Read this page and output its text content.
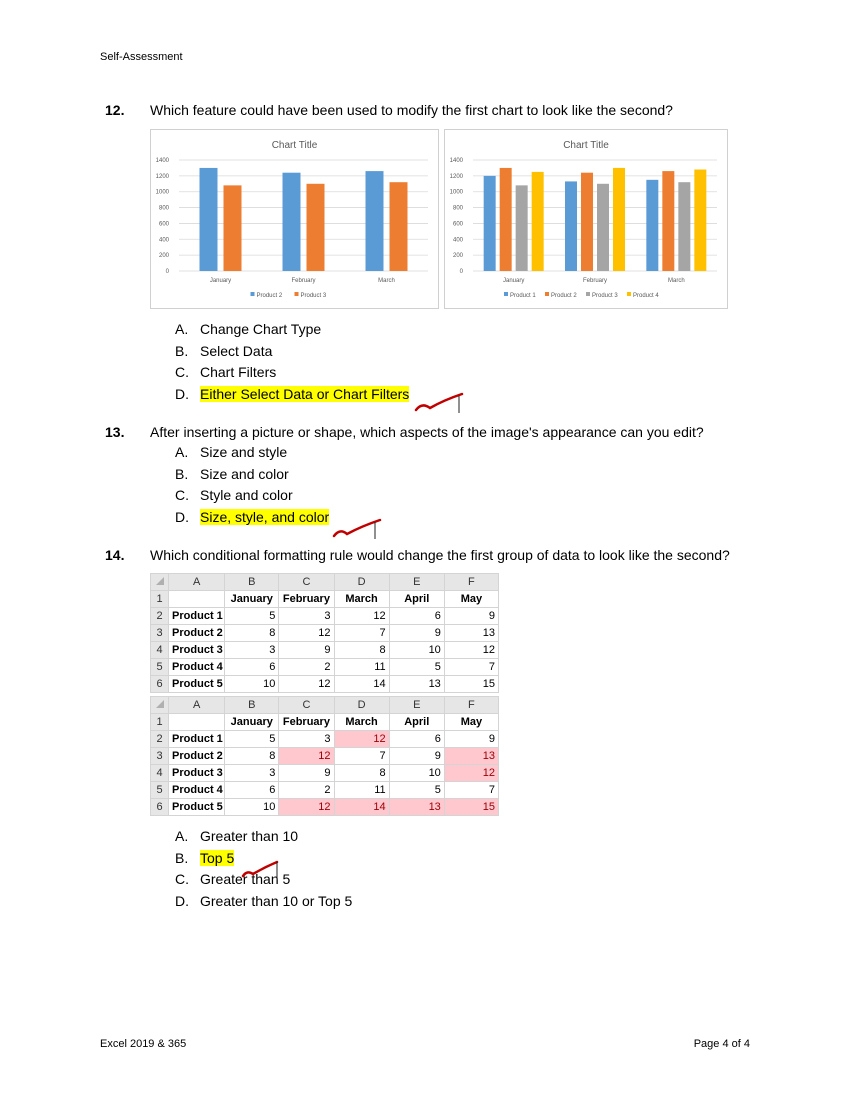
Self-Assessment
12. Which feature could have been used to modify the first chart to look like the second?
Chart Title
0
200
400
600
800
1000
1200
1400
January	February	March
Product 2	Product 3
Chart Title
0
200
400
600
800
1000
1200
1400
January	February	March
Product 1	Product 2	Product 3	Product 4
A. Change Chart Type
B. Select Data
C. Chart Filters
D. Either Select Data or Chart Filters
13. After inserting a picture or shape, which aspects of the image's appearance can you edit?
A. Size and style
B. Size and color
C. Style and color
D. Size, style, and color
14. Which conditional formatting rule would change the first group of data to look like the second?
	A	B	C	D	E	F
1		January	February	March	April	May
2	Product 1	5	3	12	6	9
3	Product 2	8	12	7	9	13
4	Product 3	3	9	8	10	12
5	Product 4	6	2	11	5	7
6	Product 5	10	12	14	13	15
	A	B	C	D	E	F
1		January	February	March	April	May
2	Product 1	5	3	12	6	9
3	Product 2	8	12	7	9	13
4	Product 3	3	9	8	10	12
5	Product 4	6	2	11	5	7
6	Product 5	10	12	14	13	15
A. Greater than 10
B. Top 5
C. Greater than 5
D. Greater than 10 or Top 5
Excel 2019 & 365	Page 4 of 4
